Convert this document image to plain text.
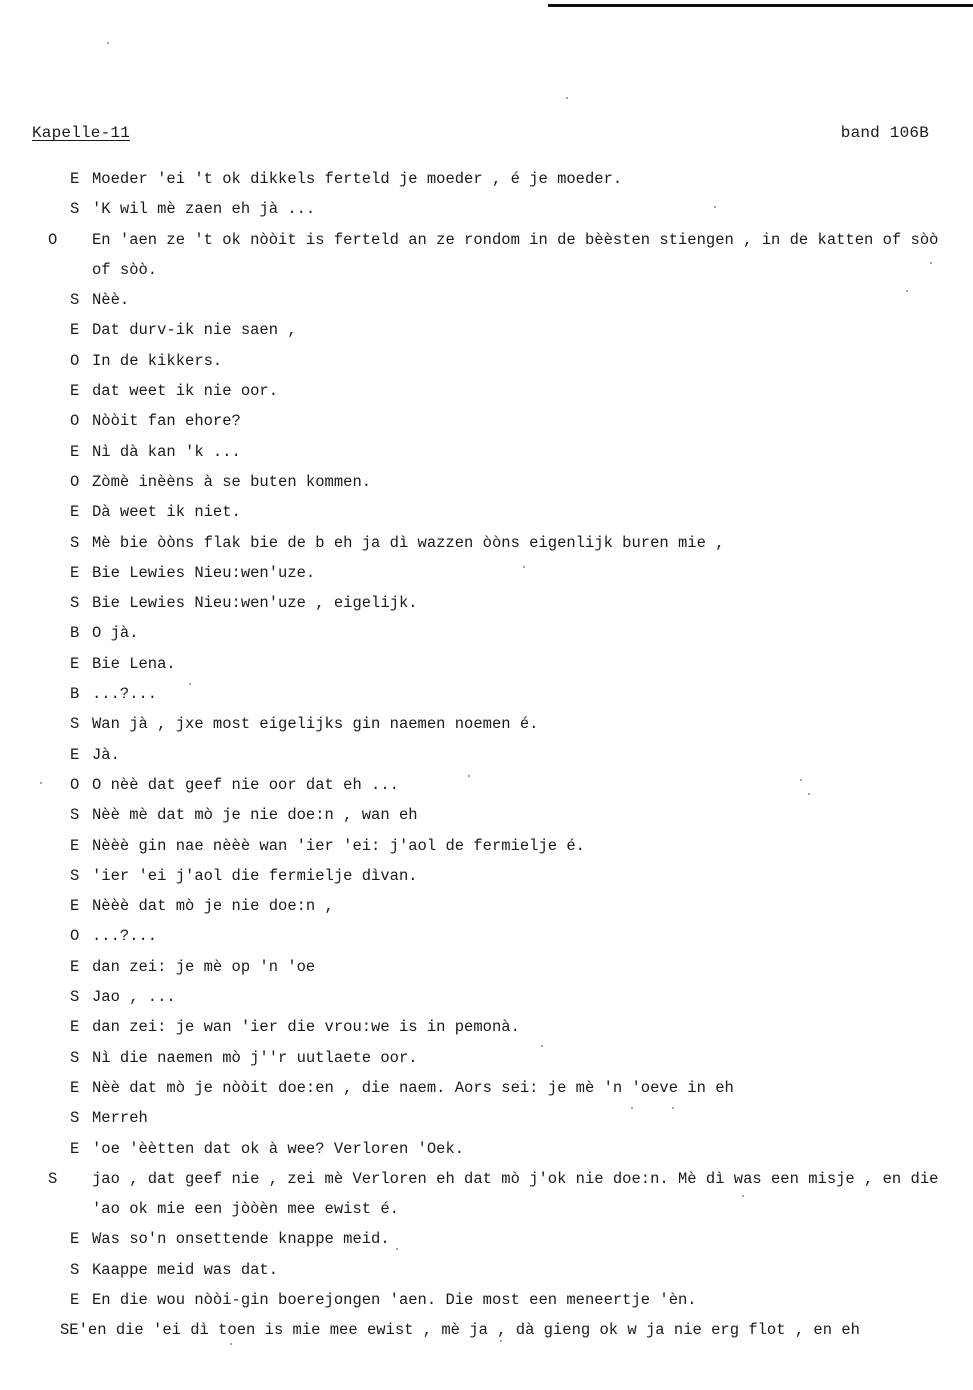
Kapelle-11	band 106B
E Moeder 'ei 't ok dikkels ferteld je moeder , é je moeder.
S 'K wil mè zaen eh jà ...
O En 'aen ze 't ok nòòit is ferteld an ze rondom in de bèèsten stiengen , in de katten of sòò of sòò.
S Nèè.
E Dat durv-ik nie saen ,
O In de kikkers.
E dat weet ik nie oor.
O Nòòit fan ehore?
E Nì dà kan 'k ...
O Zòmè inèèns à se buten kommen.
E Dà weet ik niet.
S Mè bie òòns flak bie de b eh ja dì wazzen òòns eigenlijk buren mie ,
E Bie Lewies Nieu:wen'uze.
S Bie Lewies Nieu:wen'uze , eigelijk.
B O jà.
E Bie Lena.
B ...?...
S Wan jà , jxe most eigelijks gin naemen noemen é.
E Jà.
O O nèè dat geef nie oor dat eh ...
S Nèè mè dat mò je nie doe:n , wan eh
E Nèèè gin nae nèèè wan 'ier 'ei: j'aol de fermielje é.
S 'ier 'ei j'aol die fermielje dìvan.
E Nèèè dat mò je nie doe:n ,
O ...?...
E dan zei: je mè op 'n 'oe
S Jao , ...
E dan zei: je wan 'ier die vrou:we is in pemonà.
S Nì die naemen mò j''r uutlaete oor.
E Nèè dat mò je nòòit doe:en , die naem. Aors sei: je mè 'n 'oeve in eh
S Merreh
E 'oe 'èètten dat ok à wee? Verloren 'Oek.
S jao , dat geef nie , zei mè Verloren eh dat mò j'ok nie doe:n. Mè dì was een misje , en die 'ao ok mie een jòòèn mee ewist é.
E Was so'n onsettende knappe meid.
S Kaappe meid was dat.
E En die wou nòòi-gin boerejongen 'aen. Die most een meneertje 'èn.
SE'en die 'ei dì toen is mie mee ewist , mè ja , dà gieng ok w ja nie erg flot , en eh
